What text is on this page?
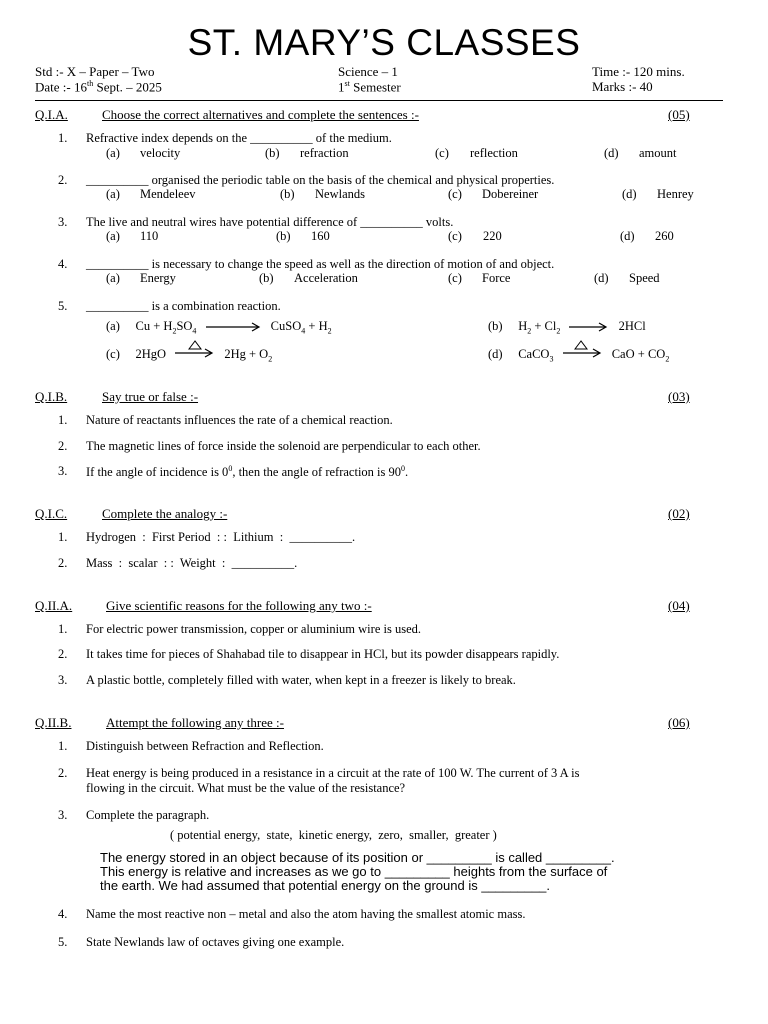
ST. MARY’S CLASSES
Std :- X – Paper – Two	Science – 1	Time :- 120 mins.
Date :- 16th Sept. – 2025	1st Semester	Marks :- 40
Q.I.A.	Choose the correct alternatives and complete the sentences :-	(05)
1. Refractive index depends on the __________ of the medium.
(a) velocity	(b) refraction	(c) reflection	(d) amount
2. __________ organised the periodic table on the basis of the chemical and physical properties.
(a) Mendeleev	(b) Newlands	(c) Dobereiner	(d) Henrey
3. The live and neutral wires have potential difference of __________ volts.
(a) 110	(b) 160	(c) 220	(d) 260
4. __________ is necessary to change the speed as well as the direction of motion of and object.
(a) Energy	(b) Acceleration	(c) Force	(d) Speed
5. __________ is a combination reaction.
(a) $Cu + H_2SO_4$	CuSO$_4$ + $H_2$	(b) $H_2 + Cl_2 \to 2HCl$
(c) 2HgO	$2Hg + O_2$	(d) CaCO$_3$	CaO + $CO_2$
Q.I.B.	Say true or false :-	(03)
1. Nature of reactants influences the rate of a chemical reaction.
2. The magnetic lines of force inside the solenoid are perpendicular to each other.
3. If the angle of incidence is $0^0$, then the angle of refraction is $90^0$.
Q.I.C.	Complete the analogy :-	(02)
1. Hydrogen  :  First Period  : :  Lithium  :  __________.
2. Mass  :  scalar  : :  Weight  :  __________.
Q.II.A.	Give scientific reasons for the following any two :-	(04)
1. For electric power transmission, copper or aluminium wire is used.
2. It takes time for pieces of Shahabad tile to disappear in HCl, but its powder disappears rapidly.
3. A plastic bottle, completely filled with water, when kept in a freezer is likely to break.
Q.II.B.	Attempt the following any three :-	(06)
1. Distinguish between Refraction and Reflection.
2. Heat energy is being produced in a resistance in a circuit at the rate of 100 W. The current of 3 A is
flowing in the circuit. What must be the value of the resistance?
3. Complete the paragraph.
( potential energy,  state,  kinetic energy,  zero,  smaller,  greater )
The energy stored in an object because of its position or _________ is called _________.
This energy is relative and increases as we go to _________ heights from the surface of
the earth. We had assumed that potential energy on the ground is _________.
4. Name the most reactive non – metal and also the atom having the smallest atomic mass.
5. State Newlands law of octaves giving one example.
